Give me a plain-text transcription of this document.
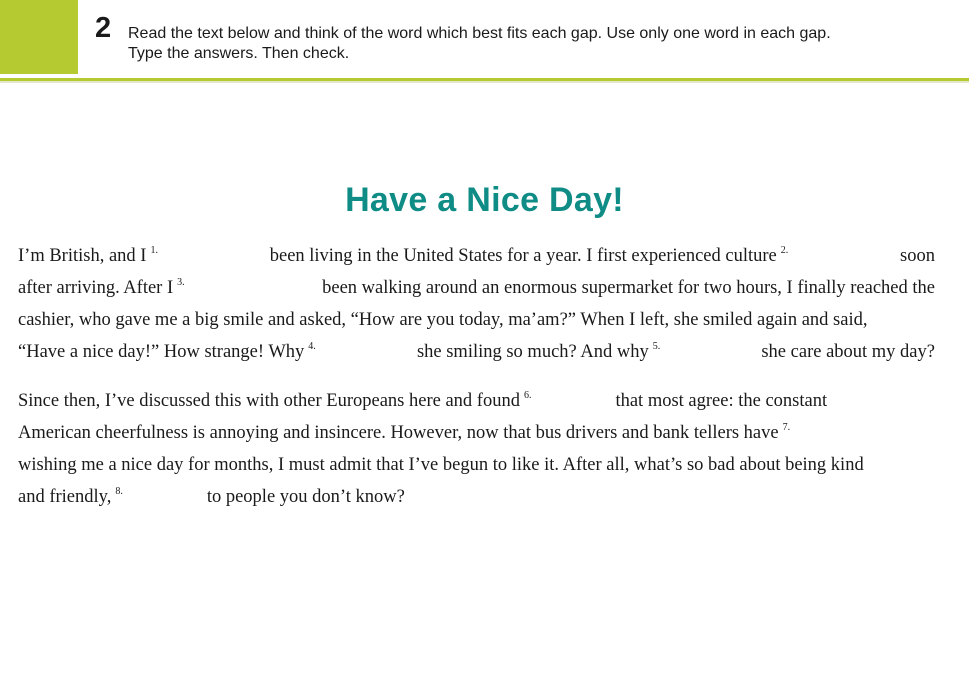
2 Read the text below and think of the word which best fits each gap. Use only one word in each gap.
Type the answers. Then check.
Have a Nice Day!
I’m British, and I $^{1.}$	been living in the United States for a year. I first experienced culture $^{2.}$	soon
after arriving. After I $^{3.}$	been walking around an enormous supermarket for two hours, I finally reached the
cashier, who gave me a big smile and asked, “How are you today, ma’am?” When I left, she smiled again and said,
“Have a nice day!” How strange! Why $^{4.}$	she smiling so much? And why $^{5.}$	she care about my day?
Since then, I’ve discussed this with other Europeans here and found $^{6.}$	that most agree: the constant
American cheerfulness is annoying and insincere. However, now that bus drivers and bank tellers have $^{7.}$
wishing me a nice day for months, I must admit that I’ve begun to like it. After all, what’s so bad about being kind
and friendly, $^{8.}$	to people you don’t know?
